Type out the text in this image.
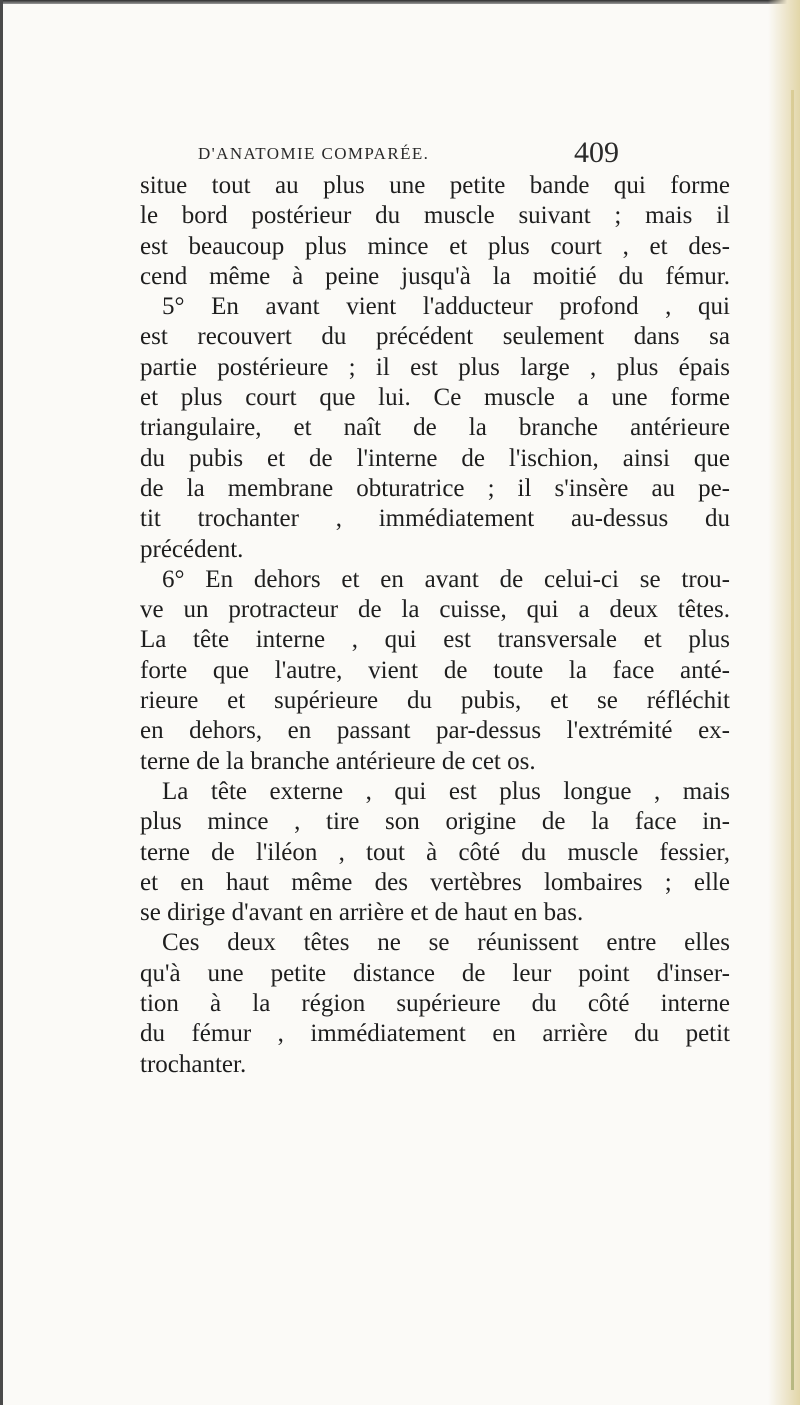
D'ANATOMIE COMPARÉE.	409
situe tout au plus une petite bande qui forme
le bord postérieur du muscle suivant ; mais il
est beaucoup plus mince et plus court , et des-
cend même à peine jusqu'à la moitié du fémur.
5° En avant vient l'adducteur profond , qui
est recouvert du précédent seulement dans sa
partie postérieure ; il est plus large , plus épais
et plus court que lui. Ce muscle a une forme
triangulaire, et naît de la branche antérieure
du pubis et de l'interne de l'ischion, ainsi que
de la membrane obturatrice ; il s'insère au pe-
tit trochanter , immédiatement au-dessus du
précédent.
6° En dehors et en avant de celui-ci se trou-
ve un protracteur de la cuisse, qui a deux têtes.
La tête interne , qui est transversale et plus
forte que l'autre, vient de toute la face anté-
rieure et supérieure du pubis, et se réfléchit
en dehors, en passant par-dessus l'extrémité ex-
terne de la branche antérieure de cet os.
La tête externe , qui est plus longue , mais
plus mince , tire son origine de la face in-
terne de l'iléon , tout à côté du muscle fessier,
et en haut même des vertèbres lombaires ; elle
se dirige d'avant en arrière et de haut en bas.
Ces deux têtes ne se réunissent entre elles
qu'à une petite distance de leur point d'inser-
tion à la région supérieure du côté interne
du fémur , immédiatement en arrière du petit
trochanter.
